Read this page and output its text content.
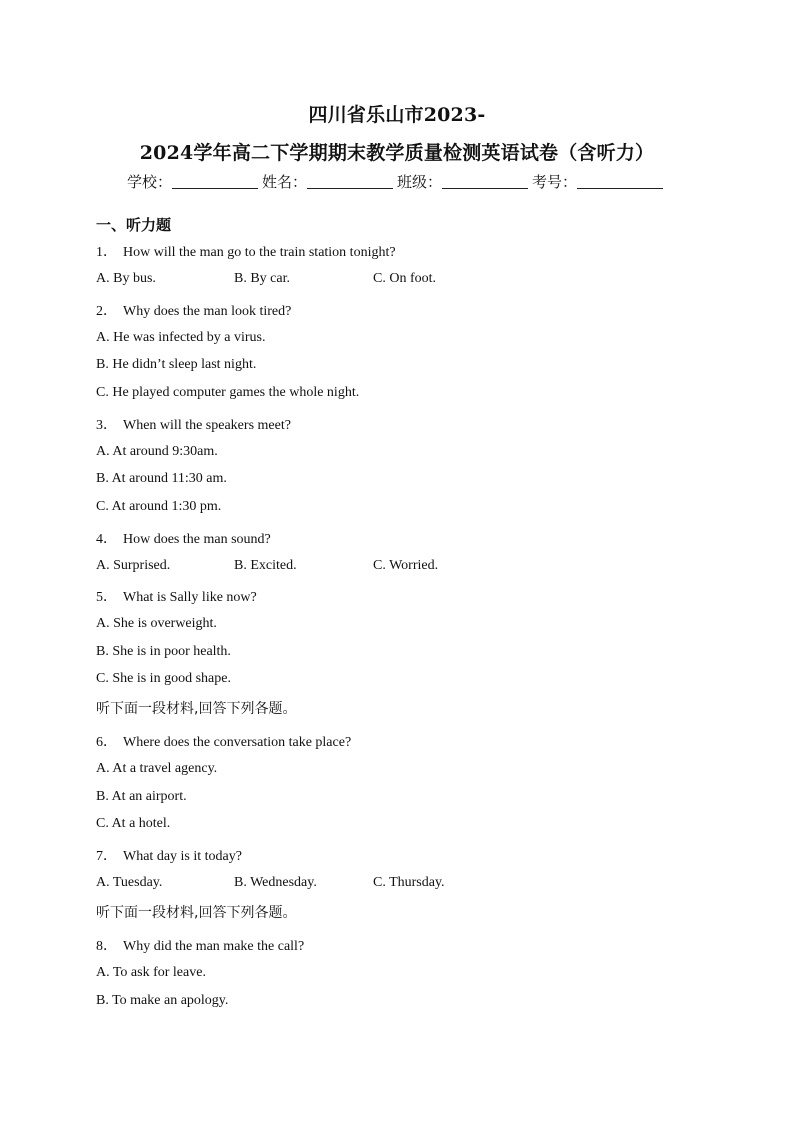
四川省乐山市2023-
2024学年高二下学期期末教学质量检测英语试卷（含听力）
学校：	姓名：	班级：	考号：
一、听力题
1． How will the man go to the train station tonight?
A. By bus.	B. By car.	C. On foot.
2． Why does the man look tired?
A. He was infected by a virus.
B. He didn’t sleep last night.
C. He played computer games the whole night.
3． When will the speakers meet?
A. At around 9:30am.
B. At around 11:30 am.
C. At around 1:30 pm.
4． How does the man sound?
A. Surprised.	B. Excited.	C. Worried.
5． What is Sally like now?
A. She is overweight.
B. She is in poor health.
C. She is in good shape.
听下面一段材料,回答下列各题。
6． Where does the conversation take place?
A. At a travel agency.
B. At an airport.
C. At a hotel.
7． What day is it today?
A. Tuesday.	B. Wednesday.	C. Thursday.
听下面一段材料,回答下列各题。
8． Why did the man make the call?
A. To ask for leave.
B. To make an apology.
